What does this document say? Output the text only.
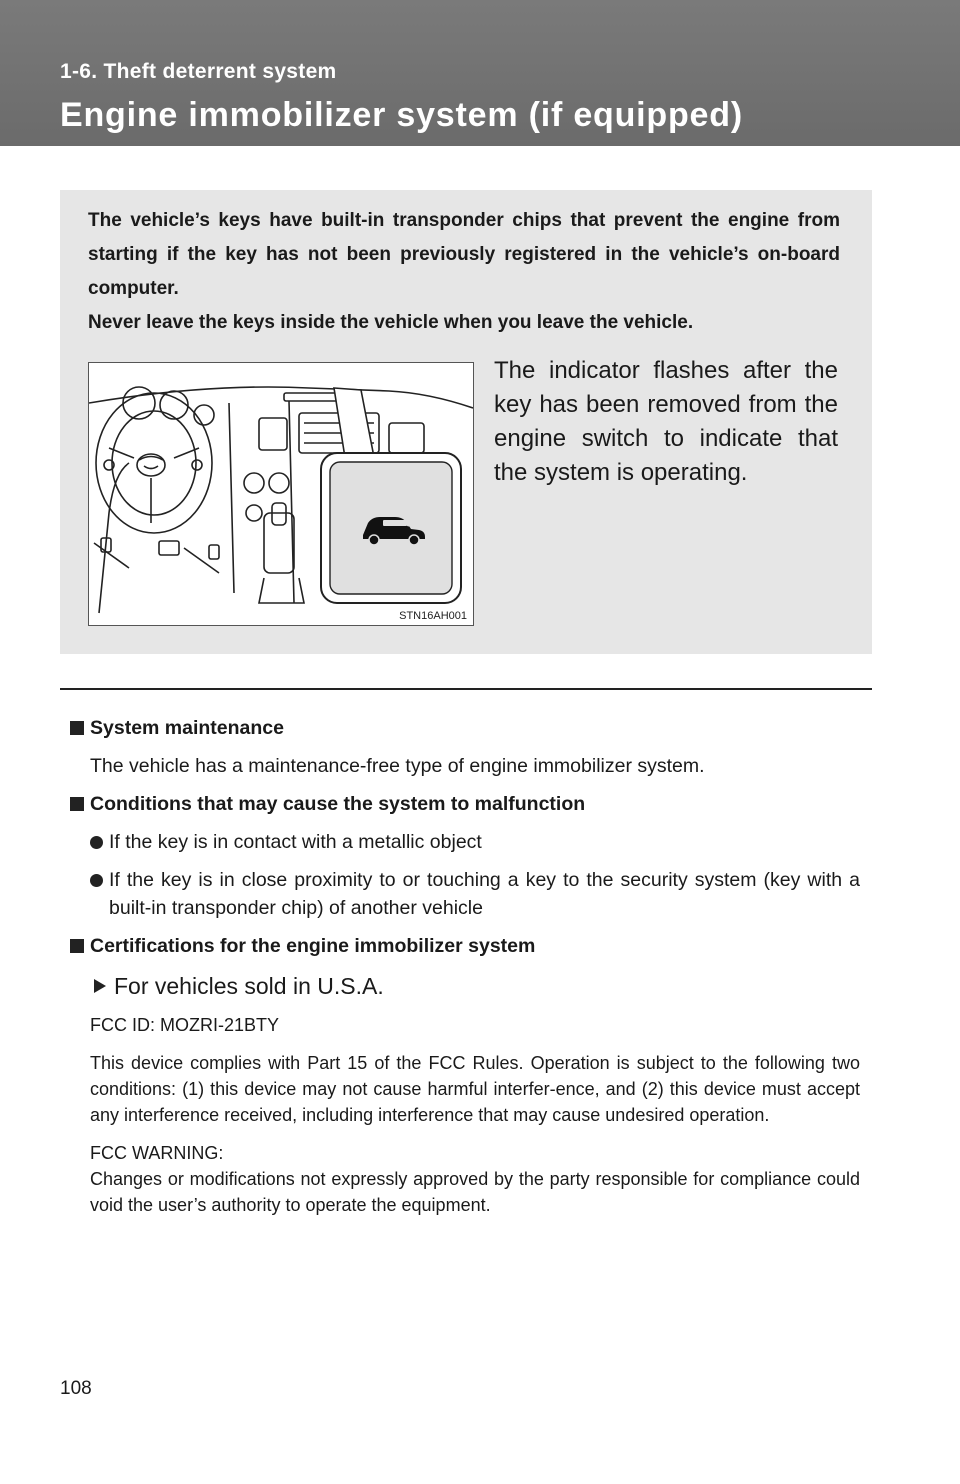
1-6. Theft deterrent system
Engine immobilizer system (if equipped)

The vehicle’s keys have built-in transponder chips that prevent the engine from starting if the key has not been previously registered in the vehicle’s on-board computer.

Never leave the keys inside the vehicle when you leave the vehicle.

STN16AH001
The indicator flashes after the key has been removed from the engine switch to indicate that the system is operating.
System maintenance
The vehicle has a maintenance-free type of engine immobilizer system.
Conditions that may cause the system to malfunction
If the key is in contact with a metallic object
If the key is in close proximity to or touching a key to the security system (key with a built-in transponder chip) of another vehicle
Certifications for the engine immobilizer system
For vehicles sold in U.S.A.
FCC ID: MOZRI-21BTY
This device complies with Part 15 of the FCC Rules. Operation is subject to the following two conditions: (1) this device may not cause harmful interfer-ence, and (2) this device must accept any interference received, including interference that may cause undesired operation.
FCC WARNING:
Changes or modifications not expressly approved by the party responsible for compliance could void the user’s authority to operate the equipment.
108
